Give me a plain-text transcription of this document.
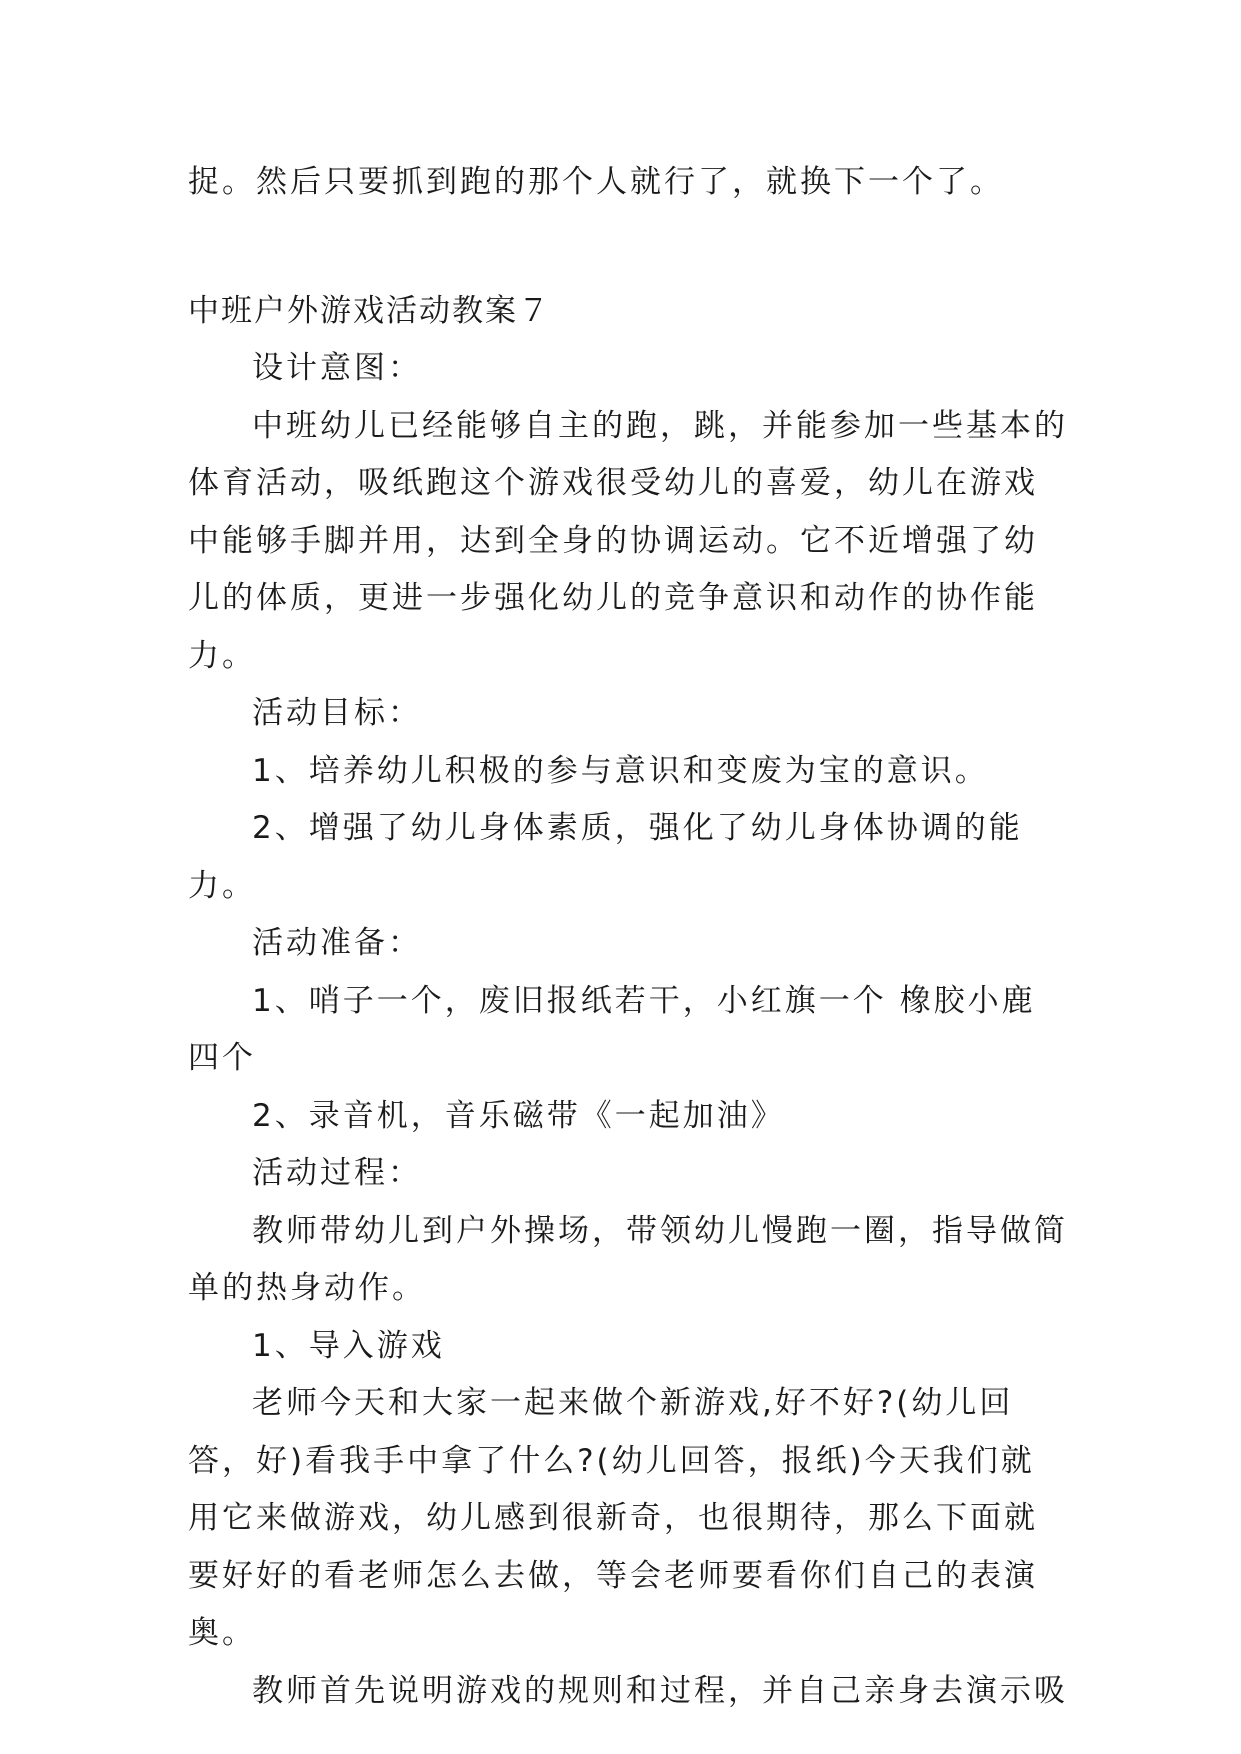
捉。然后只要抓到跑的那个人就行了，就换下一个了。

中班户外游戏活动教案７

设计意图：

中班幼儿已经能够自主的跑，跳，并能参加一些基本的体育活动，吸纸跑这个游戏很受幼儿的喜爱，幼儿在游戏中能够手脚并用，达到全身的协调运动。它不近增强了幼儿的体质，更进一步强化幼儿的竞争意识和动作的协作能力。

活动目标：

1、培养幼儿积极的参与意识和变废为宝的意识。

2、增强了幼儿身体素质，强化了幼儿身体协调的能力。

活动准备：

1、哨子一个，废旧报纸若干，小红旗一个 橡胶小鹿四个

2、录音机，音乐磁带《一起加油》

活动过程：

教师带幼儿到户外操场，带领幼儿慢跑一圈，指导做简单的热身动作。

1、导入游戏

老师今天和大家一起来做个新游戏,好不好?(幼儿回答，好)看我手中拿了什么?(幼儿回答，报纸)今天我们就用它来做游戏，幼儿感到很新奇，也很期待，那么下面就要好好的看老师怎么去做，等会老师要看你们自己的表演奥。

教师首先说明游戏的规则和过程，并自己亲身去演示吸
